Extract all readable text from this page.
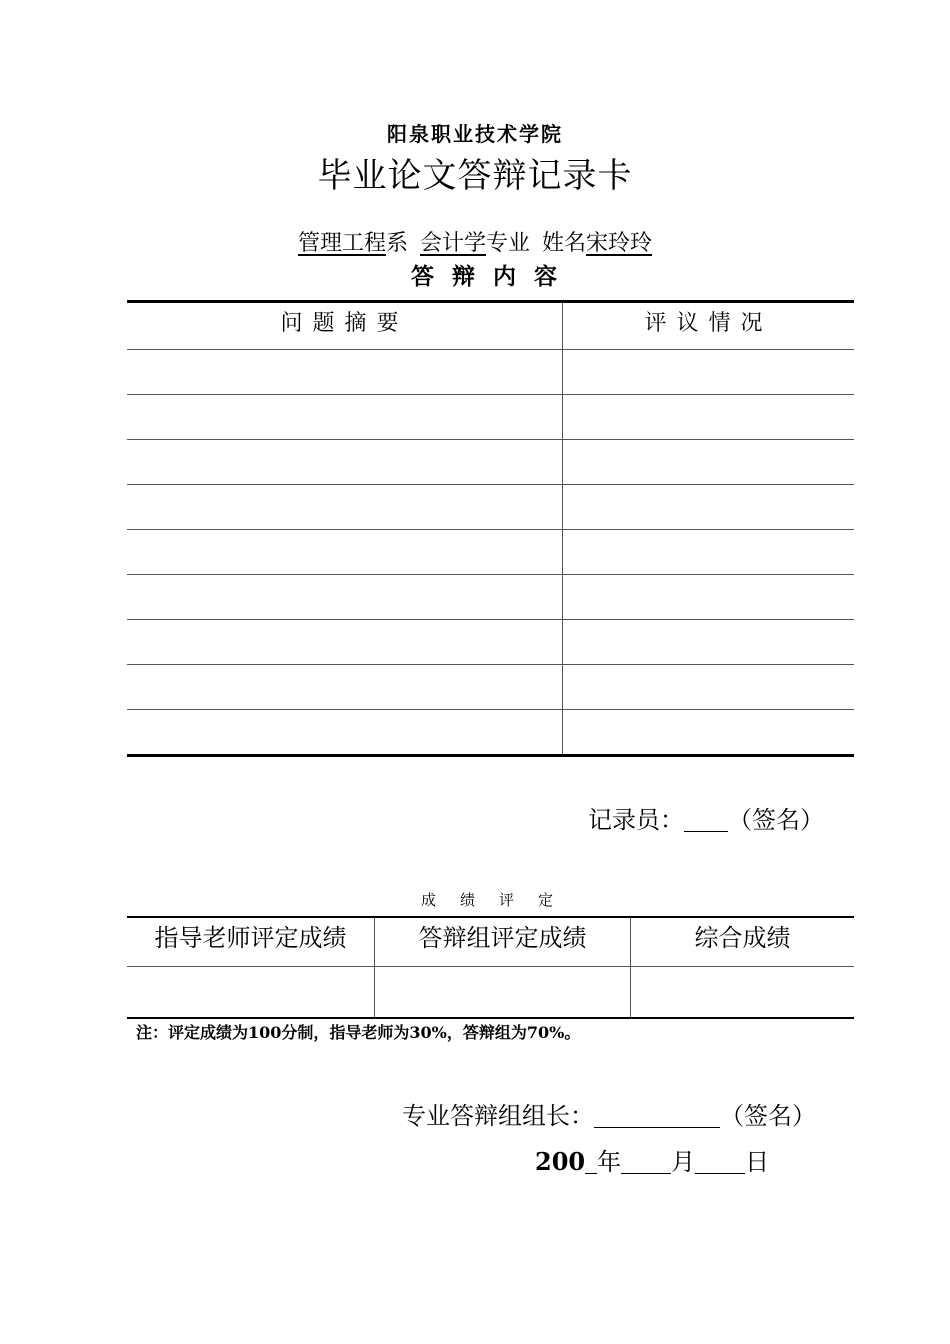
阳泉职业技术学院
毕业论文答辩记录卡
管理工程系 会计学专业 姓名宋玲玲
答辩内容
问题摘要	评议情况
记录员： （签名）
成绩评定
指导老师评定成绩	答辩组评定成绩	综合成绩
注：评定成绩为100分制，指导老师为30%，答辩组为70%。
专业答辩组组长：	（签名）
200 年 月 日
